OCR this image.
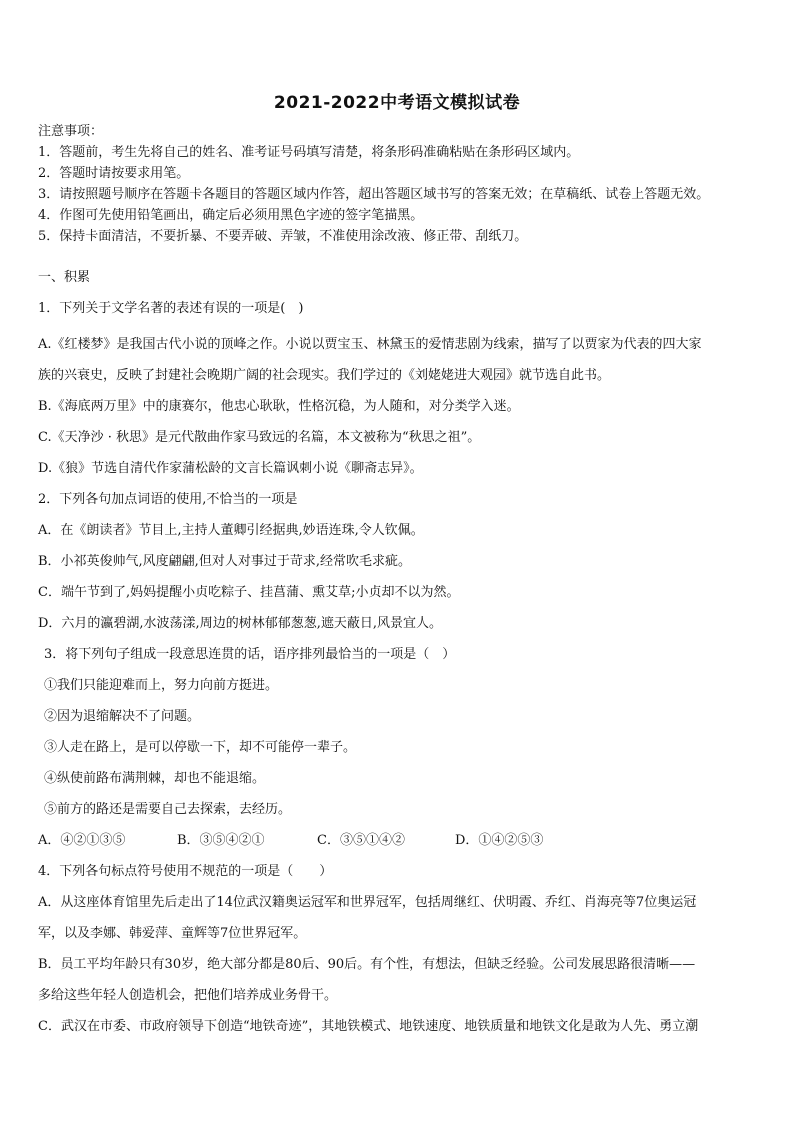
2021-2022中考语文模拟试卷

注意事项：

1．答题前，考生先将自己的姓名、准考证号码填写清楚，将条形码准确粘贴在条形码区域内。

2．答题时请按要求用笔。

3．请按照题号顺序在答题卡各题目的答题区域内作答，超出答题区域书写的答案无效；在草稿纸、试卷上答题无效。

4．作图可先使用铅笔画出，确定后必须用黑色字迹的签字笔描黑。

5．保持卡面清洁，不要折暴、不要弄破、弄皱，不准使用涂改液、修正带、刮纸刀。

一、积累

1．下列关于文学名著的表述有误的一项是(　)

A.《红楼梦》是我国古代小说的顶峰之作。小说以贾宝玉、林黛玉的爱情悲剧为线索，描写了以贾家为代表的四大家

族的兴衰史，反映了封建社会晚期广阔的社会现实。我们学过的《刘姥姥进大观园》就节选自此书。

B.《海底两万里》中的康赛尔，他忠心耿耿，性格沉稳，为人随和，对分类学入迷。

C.《天净沙 · 秋思》是元代散曲作家马致远的名篇，本文被称为“秋思之祖”。

D.《狼》节选自清代作家蒲松龄的文言长篇讽刺小说《聊斋志异》。

2．下列各句加点词语的使用,不恰当的一项是

A．在《朗读者》节目上,主持人董卿引经据典,妙语连珠,令人钦佩。

B．小祁英俊帅气,风度翩翩,但对人对事过于苛求,经常吹毛求疵。

C．端午节到了,妈妈提醒小贞吃粽子、挂菖蒲、熏艾草;小贞却不以为然。

D．六月的瀛碧湖,水波荡漾,周边的树林郁郁葱葱,遮天蔽日,风景宜人。

3．将下列句子组成一段意思连贯的话，语序排列最恰当的一项是（　）

①我们只能迎难而上，努力向前方挺进。

②因为退缩解决不了问题。

③人走在路上，是可以停歇一下，却不可能停一辈子。

④纵使前路布满荆棘，却也不能退缩。

⑤前方的路还是需要自己去探索，去经历。

A．④②①③⑤	B．③⑤④②①	C．③⑤①④②	D．①④②⑤③

4．下列各句标点符号使用不规范的一项是（　　）

A．从这座体育馆里先后走出了14位武汉籍奥运冠军和世界冠军，包括周继红、伏明霞、乔红、肖海亮等7位奥运冠

军，以及李娜、韩爱萍、童辉等7位世界冠军。

B．员工平均年龄只有30岁，绝大部分都是80后、90后。有个性，有想法，但缺乏经验。公司发展思路很清晰——

多给这些年轻人创造机会，把他们培养成业务骨干。

C．武汉在市委、市政府领导下创造“地铁奇迹”，其地铁模式、地铁速度、地铁质量和地铁文化是敢为人先、勇立潮
